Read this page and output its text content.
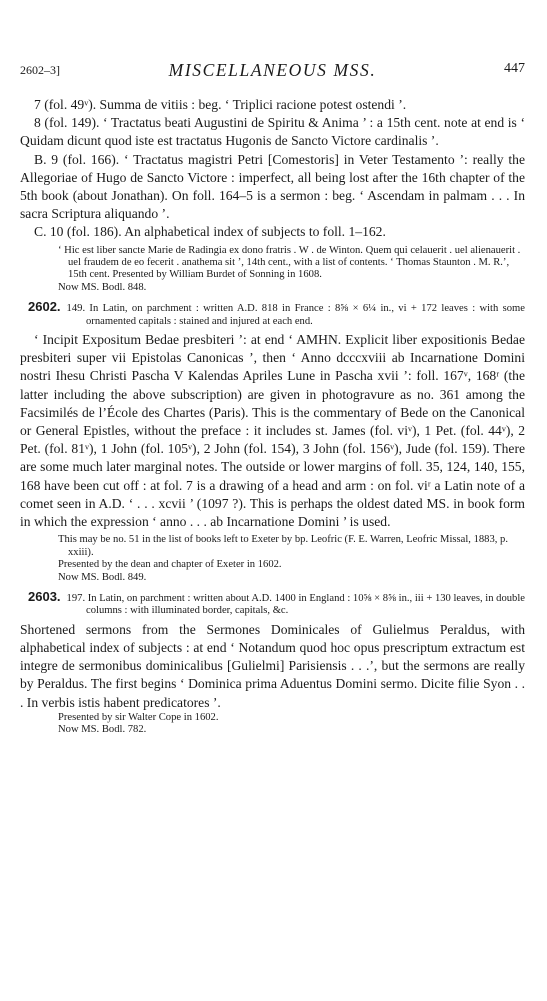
2602–3]	MISCELLANEOUS MSS.	447

7 (fol. 49ᵛ). Summa de vitiis : beg. ‘ Triplici racione potest ostendi ’.

8 (fol. 149). ‘ Tractatus beati Augustini de Spiritu & Anima ’ : a 15th cent. note at end is ‘ Quidam dicunt quod iste est tractatus Hugonis de Sancto Victore cardinalis ’.

B. 9 (fol. 166). ‘ Tractatus magistri Petri [Comestoris] in Veter Testamento ’: really the Allegoriae of Hugo de Sancto Victore : imperfect, all being lost after the 16th chapter of the 5th book (about Jonathan). On foll. 164–5 is a sermon : beg. ‘ Ascendam in palmam . . . In sacra Scriptura aliquando ’.

C. 10 (fol. 186). An alphabetical index of subjects to foll. 1–162.

‘ Hic est liber sancte Marie de Radingia ex dono fratris . W . de Winton. Quem qui celauerit . uel alienauerit . uel fraudem de eo fecerit . anathema sit ’, 14th cent., with a list of contents. ‘ Thomas Staunton . M. R.’, 15th cent. Presented by William Burdet of Sonning in 1608.

Now MS. Bodl. 848.

2602. 149. In Latin, on parchment : written A.D. 818 in France : 8⅝ × 6¼ in., vi + 172 leaves : with some ornamented capitals : stained and injured at each end.

‘ Incipit Expositum Bedae presbiteri ’: at end ‘ AMHN. Explicit liber expositionis Bedae presbiteri super vii Epistolas Canonicas ’, then ‘ Anno dcccxviii ab Incarnatione Domini nostri Ihesu Christi Pascha V Kalendas Apriles Lune in Pascha xvii ’: foll. 167ᵛ, 168ʳ (the latter including the above subscription) are given in photogravure as no. 361 among the Facsimilés de l’École des Chartes (Paris). This is the commentary of Bede on the Canonical or General Epistles, without the preface : it includes st. James (fol. viᵛ), 1 Pet. (fol. 44ᵛ), 2 Pet. (fol. 81ᵛ), 1 John (fol. 105ᵛ), 2 John (fol. 154), 3 John (fol. 156ᵛ), Jude (fol. 159). There are some much later marginal notes. The outside or lower margins of foll. 35, 124, 140, 155, 168 have been cut off : at fol. 7 is a drawing of a head and arm : on fol. viʳ a Latin note of a comet seen in A.D. ‘ . . . xcvii ’ (1097 ?). This is perhaps the oldest dated MS. in book form in which the expression ‘ anno . . . ab Incarnatione Domini ’ is used.

This may be no. 51 in the list of books left to Exeter by bp. Leofric (F. E. Warren, Leofric Missal, 1883, p. xxiii).

Presented by the dean and chapter of Exeter in 1602.

Now MS. Bodl. 849.

2603. 197. In Latin, on parchment : written about A.D. 1400 in England : 10⅝ × 8⅝ in., iii + 130 leaves, in double columns : with illuminated border, capitals, &c.

Shortened sermons from the Sermones Dominicales of Gulielmus Peraldus, with alphabetical index of subjects : at end ‘ Notandum quod hoc opus prescriptum extractum est integre de sermonibus dominicalibus [Gulielmi] Parisiensis . . .’, but the sermons are really by Peraldus. The first begins ‘ Dominica prima Aduentus Domini sermo. Dicite filie Syon . . . In verbis istis habent predicatores ’.

Presented by sir Walter Cope in 1602.

Now MS. Bodl. 782.
